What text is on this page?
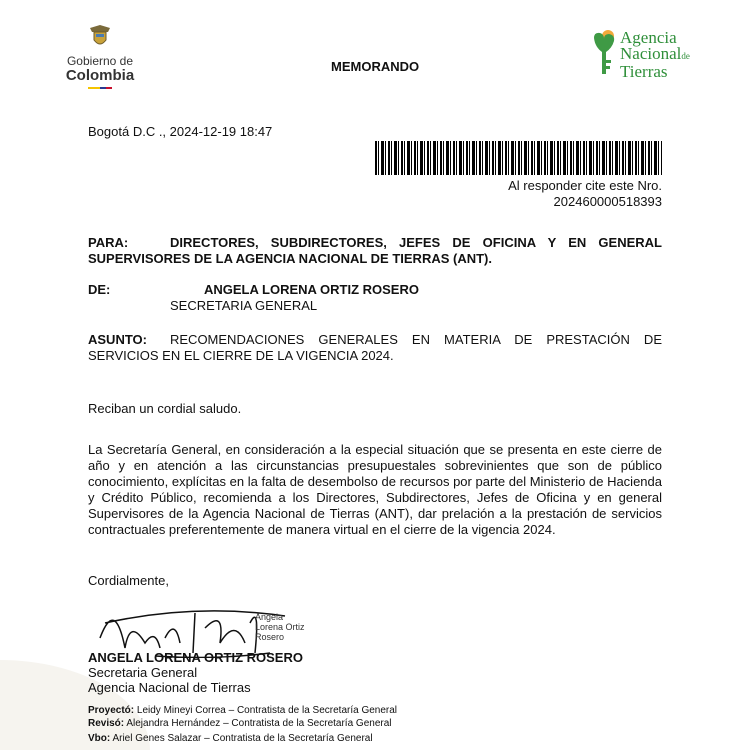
Gobierno de
Colombia
MEMORANDO
Agencia
Nacionalde
Tierras
Bogotá D.C ., 2024-12-19 18:47
Al responder cite este Nro.
202460000518393
PARA:	DIRECTORES, SUBDIRECTORES, JEFES DE OFICINA Y EN GENERAL SUPERVISORES DE LA AGENCIA NACIONAL DE TIERRAS (ANT).
DE:	ANGELA LORENA ORTIZ ROSERO
SECRETARIA GENERAL
ASUNTO: RECOMENDACIONES GENERALES EN MATERIA DE PRESTACIÓN DE SERVICIOS EN EL CIERRE DE LA VIGENCIA 2024.
Reciban un cordial saludo.
La Secretaría General, en consideración a la especial situación que se presenta en este cierre de año y en atención a las circunstancias presupuestales sobrevinientes que son de público conocimiento, explícitas en la falta de desembolso de recursos por parte del Ministerio de Hacienda y Crédito Público, recomienda a los Directores, Subdirectores, Jefes de Oficina y en general Supervisores de la Agencia Nacional de Tierras (ANT), dar prelación a la prestación de servicios contractuales preferentemente de manera virtual en el cierre de la vigencia 2024.
Cordialmente,
Angela Lorena Ortiz Rosero
ANGELA LORENA ORTIZ ROSERO
Secretaria General
Agencia Nacional de Tierras
Proyectó: Leidy Mineyi Correa – Contratista de la Secretaría General
Revisó: Alejandra Hernández – Contratista de la Secretaría General
Vbo: Ariel Genes Salazar – Contratista de la Secretaría General
